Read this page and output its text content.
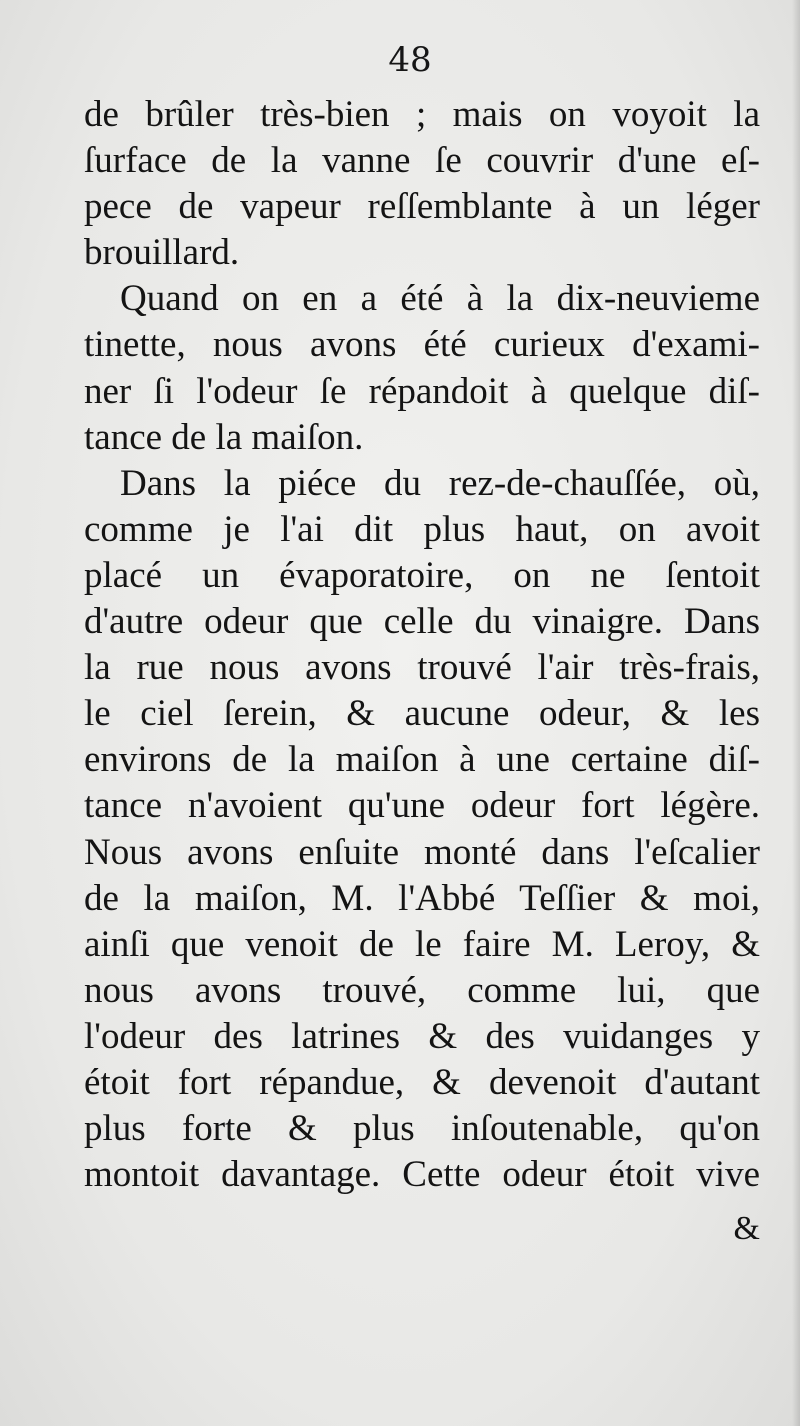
48
de brûler très-bien ; mais on voyoit la
ſurface de la vanne ſe couvrir d'une eſ-
pece de vapeur reſſemblante à un léger
brouillard.
Quand on en a été à la dix-neuvieme
tinette, nous avons été curieux d'exami-
ner ſi l'odeur ſe répandoit à quelque diſ-
tance de la maiſon.
Dans la piéce du rez-de-chauſſée, où,
comme je l'ai dit plus haut, on avoit
placé un évaporatoire, on ne ſentoit
d'autre odeur que celle du vinaigre. Dans
la rue nous avons trouvé l'air très-frais,
le ciel ſerein, & aucune odeur, & les
environs de la maiſon à une certaine diſ-
tance n'avoient qu'une odeur fort légère.
Nous avons enſuite monté dans l'eſcalier
de la maiſon, M. l'Abbé Teſſier & moi,
ainſi que venoit de le faire M. Leroy, &
nous avons trouvé, comme lui, que
l'odeur des latrines & des vuidanges y
étoit fort répandue, & devenoit d'autant
plus forte & plus inſoutenable, qu'on
montoit davantage. Cette odeur étoit vive
&
